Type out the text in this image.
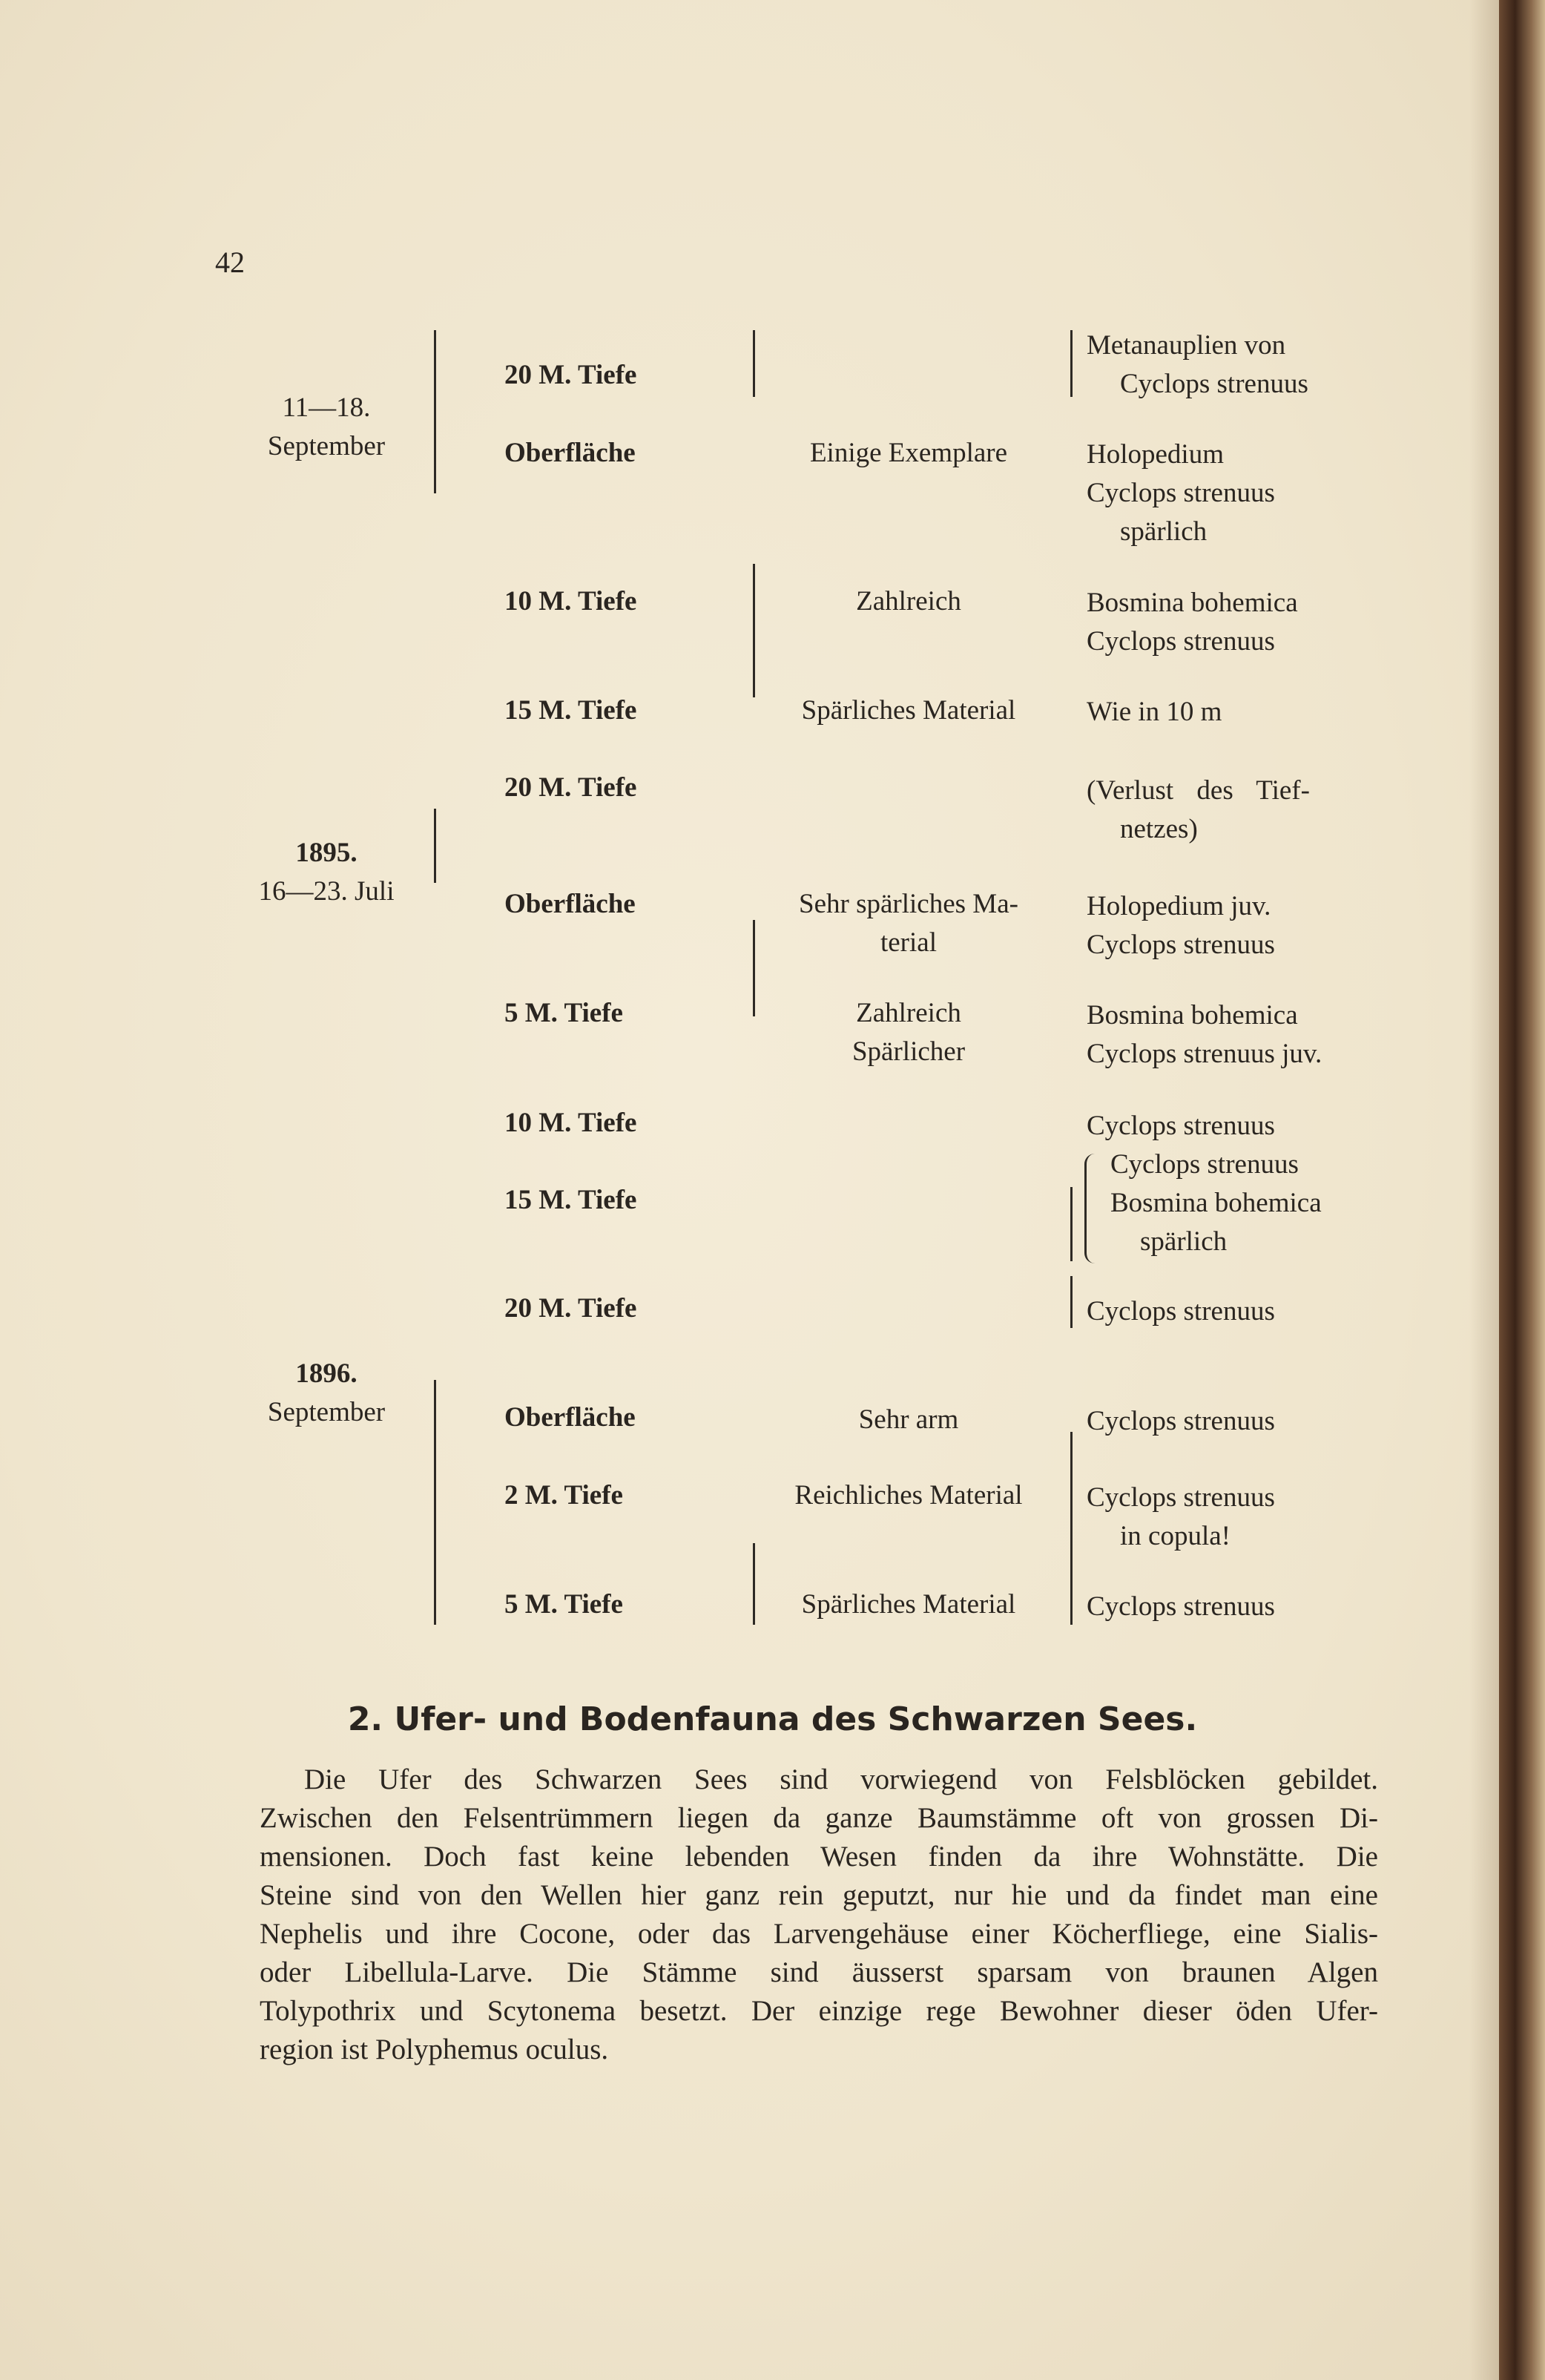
42
11—18.
September
1895.
16—23. Juli
1896.
September
20 M. Tiefe
Oberfläche
10 M. Tiefe
15 M. Tiefe
20 M. Tiefe
Oberfläche
5 M. Tiefe
10 M. Tiefe
15 M. Tiefe
20 M. Tiefe
Oberfläche
2 M. Tiefe
5 M. Tiefe
Einige Exemplare
Zahlreich
Spärliches Material
Sehr spärliches Ma-
terial
Zahlreich
Spärlicher
Sehr arm
Reichliches Material
Spärliches Material
Metanauplien von
Cyclops strenuus
Holopedium
Cyclops strenuus
spärlich
Bosmina bohemica
Cyclops strenuus
Wie in 10 m
(Verlust des Tief-
netzes)
Holopedium juv.
Cyclops strenuus
Bosmina bohemica
Cyclops strenuus juv.
Cyclops strenuus
Cyclops strenuus
Bosmina bohemica
spärlich
Cyclops strenuus
Cyclops strenuus
Cyclops strenuus
in copula!
Cyclops strenuus
2. Ufer- und Bodenfauna des Schwarzen Sees.
Die Ufer des Schwarzen Sees sind vorwiegend von Felsblöcken gebildet.
Zwischen den Felsentrümmern liegen da ganze Baumstämme oft von grossen Di-
mensionen. Doch fast keine lebenden Wesen finden da ihre Wohnstätte. Die
Steine sind von den Wellen hier ganz rein geputzt, nur hie und da findet man eine
Nephelis und ihre Cocone, oder das Larvengehäuse einer Köcherfliege, eine Sialis-
oder Libellula-Larve. Die Stämme sind äusserst sparsam von braunen Algen
Tolypothrix und Scytonema besetzt. Der einzige rege Bewohner dieser öden Ufer-
region ist Polyphemus oculus.
